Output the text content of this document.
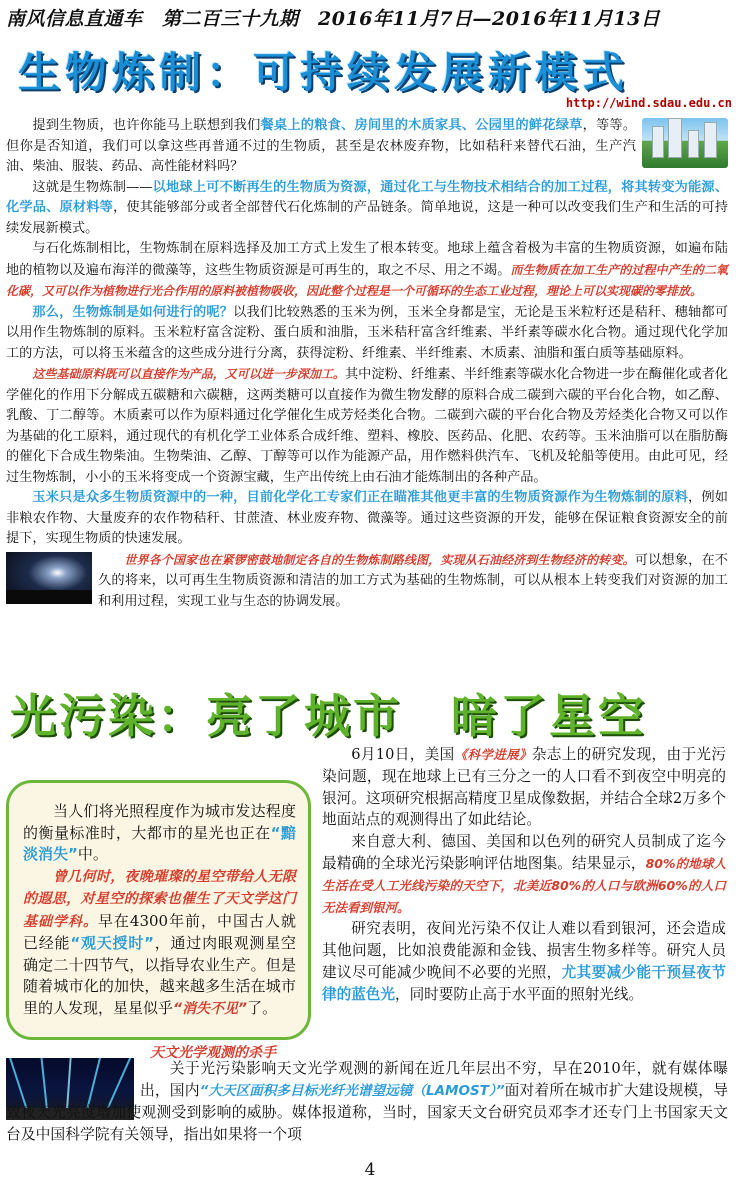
南风信息直通车　第二百三十九期　2016年11月7日—2016年11月13日
生物炼制：可持续发展新模式
http://wind.sdau.edu.cn

提到生物质，也许你能马上联想到我们餐桌上的粮食、房间里的木质家具、公园里的鲜花绿草，等等。但你是否知道，我们可以拿这些再普通不过的生物质，甚至是农林废弃物，比如秸秆来替代石油，生产汽油、柴油、服装、药品、高性能材料吗？

这就是生物炼制——以地球上可不断再生的生物质为资源，通过化工与生物技术相结合的加工过程，将其转变为能源、化学品、原材料等，使其能够部分或者全部替代石化炼制的产品链条。简单地说，这是一种可以改变我们生产和生活的可持续发展新模式。

与石化炼制相比，生物炼制在原料选择及加工方式上发生了根本转变。地球上蕴含着极为丰富的生物质资源，如遍布陆地的植物以及遍布海洋的微藻等，这些生物质资源是可再生的，取之不尽、用之不竭。而生物质在加工生产的过程中产生的二氧化碳，又可以作为植物进行光合作用的原料被植物吸收，因此整个过程是一个可循环的生态工业过程，理论上可以实现碳的零排放。

那么，生物炼制是如何进行的呢？以我们比较熟悉的玉米为例，玉米全身都是宝，无论是玉米粒籽还是秸秆、穗轴都可以用作生物炼制的原料。玉米粒籽富含淀粉、蛋白质和油脂，玉米秸秆富含纤维素、半纤素等碳水化合物。通过现代化学加工的方法，可以将玉米蕴含的这些成分进行分离，获得淀粉、纤维素、半纤维素、木质素、油脂和蛋白质等基础原料。

这些基础原料既可以直接作为产品，又可以进一步深加工。其中淀粉、纤维素、半纤维素等碳水化合物进一步在酶催化或者化学催化的作用下分解成五碳糖和六碳糖，这两类糖可以直接作为微生物发酵的原料合成二碳到六碳的平台化合物，如乙醇、乳酸、丁二醇等。木质素可以作为原料通过化学催化生成芳烃类化合物。二碳到六碳的平台化合物及芳烃类化合物又可以作为基础的化工原料，通过现代的有机化学工业体系合成纤维、塑料、橡胶、医药品、化肥、农药等。玉米油脂可以在脂肪酶的催化下合成生物柴油。生物柴油、乙醇、丁醇等可以作为能源产品，用作燃料供汽车、飞机及轮船等使用。由此可见，经过生物炼制，小小的玉米将变成一个资源宝藏，生产出传统上由石油才能炼制出的各种产品。

玉米只是众多生物质资源中的一种，目前化学化工专家们正在瞄准其他更丰富的生物质资源作为生物炼制的原料，例如非粮农作物、大量废弃的农作物秸秆、甘蔗渣、林业废弃物、微藻等。通过这些资源的开发，能够在保证粮食资源安全的前提下，实现生物质的快速发展。

世界各个国家也在紧锣密鼓地制定各自的生物炼制路线图，实现从石油经济到生物经济的转变。可以想象，在不久的将来，以可再生生物质资源和清洁的加工方式为基础的生物炼制，可以从根本上转变我们对资源的加工和利用过程，实现工业与生态的协调发展。

光污染：亮了城市　暗了星空

当人们将光照程度作为城市发达程度的衡量标准时，大都市的星光也正在“黯淡消失”中。

曾几何时，夜晚璀璨的星空带给人无限的遐思，对星空的探索也催生了天文学这门基础学科。早在4300年前，中国古人就已经能“观天授时”，通过肉眼观测星空确定二十四节气，以指导农业生产。但是随着城市化的加快，越来越多生活在城市里的人发现，星星似乎“消失不见”了。

6月10日，美国《科学进展》杂志上的研究发现，由于光污染问题，现在地球上已有三分之一的人口看不到夜空中明亮的银河。这项研究根据高精度卫星成像数据，并结合全球2万多个地面站点的观测得出了如此结论。

来自意大利、德国、美国和以色列的研究人员制成了迄今最精确的全球光污染影响评估地图集。结果显示，80%的地球人生活在受人工光线污染的天空下，北美近80%的人口与欧洲60%的人口无法看到银河。

研究表明，夜间光污染不仅让人难以看到银河，还会造成其他问题，比如浪费能源和金钱、损害生物多样等。研究人员建议尽可能减少晚间不必要的光照，尤其要减少能干预昼夜节律的蓝色光，同时要防止高于水平面的照射光线。

天文光学观测的杀手

关于光污染影响天文光学观测的新闻在近几年层出不穷，早在2010年，就有媒体曝出，国内“大天区面积多目标光纤光谱望远镜（LAMOST）”面对着所在城市扩大建设规模，导致夜天光亮度增加使观测受到影响的威胁。媒体报道称，当时，国家天文台研究员邓李才还专门上书国家天文台及中国科学院有关领导，指出如果将一个项

4
